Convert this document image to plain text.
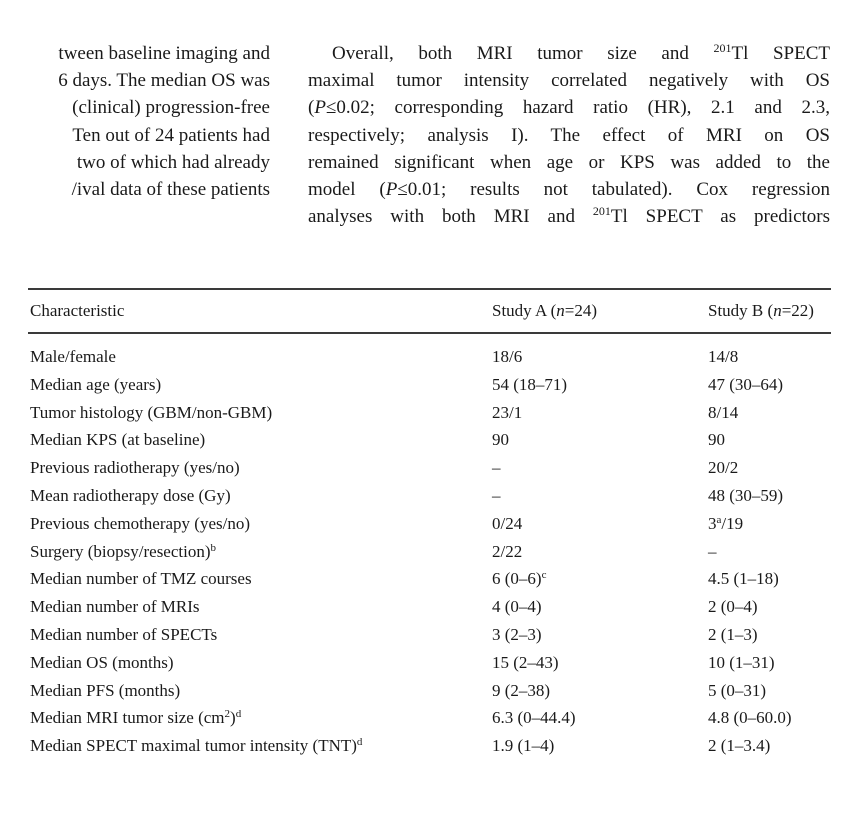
tween baseline imaging and
6 days. The median OS was
(clinical) progression-free
Ten out of 24 patients had
two of which had already
/ival data of these patients
Overall, both MRI tumor size and $^{201}$Tl SPECT
maximal tumor intensity correlated negatively with OS
(P≤0.02; corresponding hazard ratio (HR), 2.1 and 2.3,
respectively; analysis I). The effect of MRI on OS
remained significant when age or KPS was added to the
model (P≤0.01; results not tabulated). Cox regression
analyses with both MRI and $^{201}$Tl SPECT as predictors
Characteristic	Study A (n=24)	Study B (n=22)
Male/female	18/6	14/8
Median age (years)	54 (18–71)	47 (30–64)
Tumor histology (GBM/non-GBM)	23/1	8/14
Median KPS (at baseline)	90	90
Previous radiotherapy (yes/no)	–	20/2
Mean radiotherapy dose (Gy)	–	48 (30–59)
Previous chemotherapy (yes/no)	0/24	3$^a$/19
Surgery (biopsy/resection)$^b$	2/22	–
Median number of TMZ courses	6 $(0-6)^c$	4.5 (1–18)
Median number of MRIs	4 (0–4)	2 (0–4)
Median number of SPECTs	3 (2–3)	2 (1–3)
Median OS (months)	15 (2–43)	10 (1–31)
Median PFS (months)	9 (2–38)	5 (0–31)
Median MRI tumor size $(cm^2)^d$	6.3 (0–44.4)	4.8 (0–60.0)
Median SPECT maximal tumor intensity (TNT)$^d$	1.9 (1–4)	2 (1–3.4)
